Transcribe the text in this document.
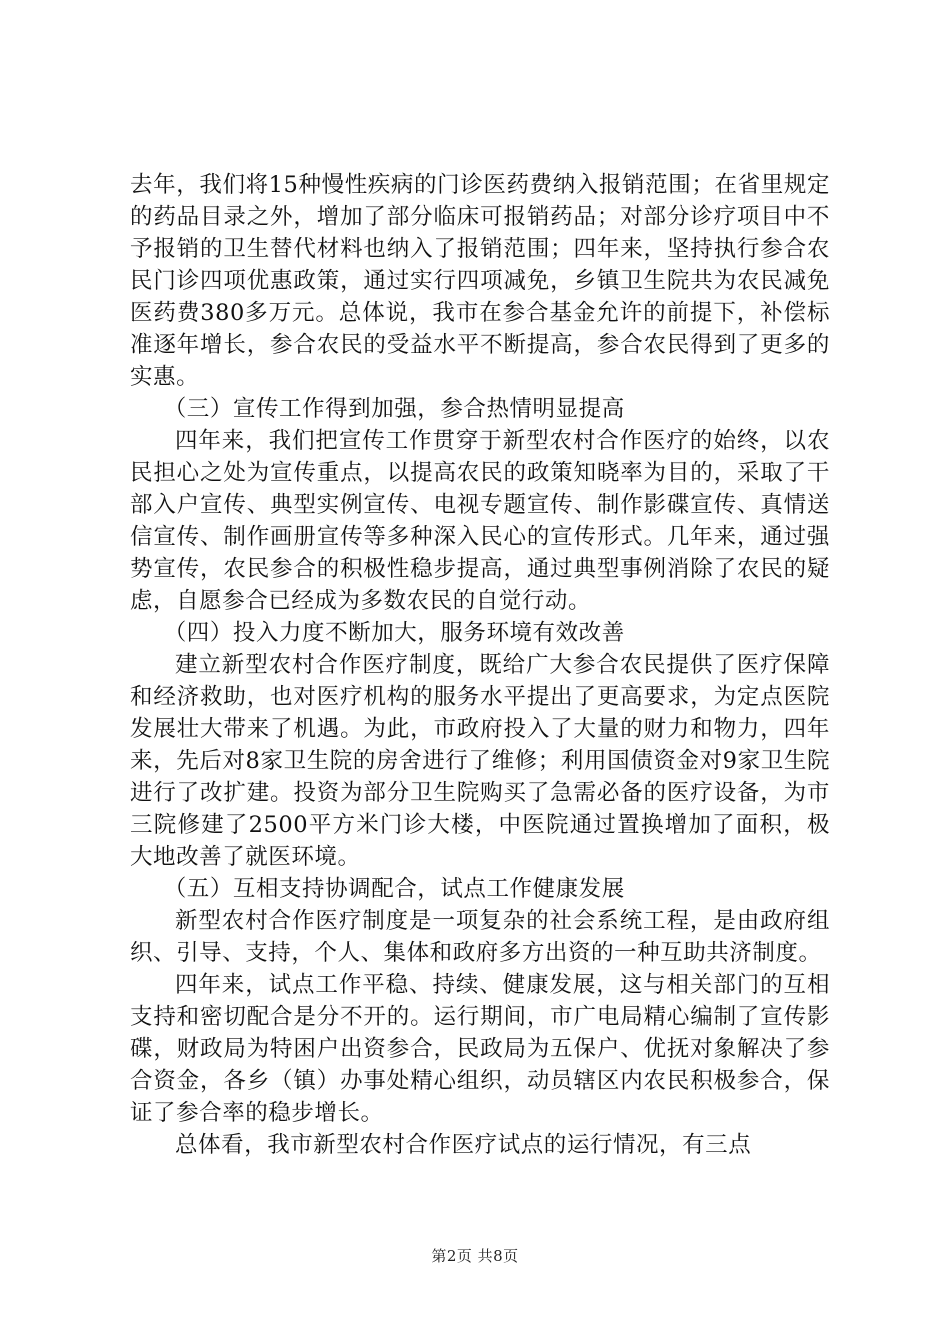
去年，我们将15种慢性疾病的门诊医药费纳入报销范围；在省里规定的药品目录之外，增加了部分临床可报销药品；对部分诊疗项目中不予报销的卫生替代材料也纳入了报销范围；四年来，坚持执行参合农民门诊四项优惠政策，通过实行四项减免，乡镇卫生院共为农民减免医药费380多万元。总体说，我市在参合基金允许的前提下，补偿标准逐年增长，参合农民的受益水平不断提高，参合农民得到了更多的实惠。

（三）宣传工作得到加强，参合热情明显提高

四年来，我们把宣传工作贯穿于新型农村合作医疗的始终，以农民担心之处为宣传重点，以提高农民的政策知晓率为目的，采取了干部入户宣传、典型实例宣传、电视专题宣传、制作影碟宣传、真情送信宣传、制作画册宣传等多种深入民心的宣传形式。几年来，通过强势宣传，农民参合的积极性稳步提高，通过典型事例消除了农民的疑虑，自愿参合已经成为多数农民的自觉行动。

（四）投入力度不断加大，服务环境有效改善

建立新型农村合作医疗制度，既给广大参合农民提供了医疗保障和经济救助，也对医疗机构的服务水平提出了更高要求，为定点医院发展壮大带来了机遇。为此，市政府投入了大量的财力和物力，四年来，先后对8家卫生院的房舍进行了维修；利用国债资金对9家卫生院进行了改扩建。投资为部分卫生院购买了急需必备的医疗设备，为市三院修建了2500平方米门诊大楼，中医院通过置换增加了面积，极大地改善了就医环境。

（五）互相支持协调配合，试点工作健康发展

新型农村合作医疗制度是一项复杂的社会系统工程，是由政府组织、引导、支持，个人、集体和政府多方出资的一种互助共济制度。

四年来，试点工作平稳、持续、健康发展，这与相关部门的互相支持和密切配合是分不开的。运行期间，市广电局精心编制了宣传影碟，财政局为特困户出资参合，民政局为五保户、优抚对象解决了参合资金，各乡（镇）办事处精心组织，动员辖区内农民积极参合，保证了参合率的稳步增长。

总体看，我市新型农村合作医疗试点的运行情况，有三点

第2页 共8页
